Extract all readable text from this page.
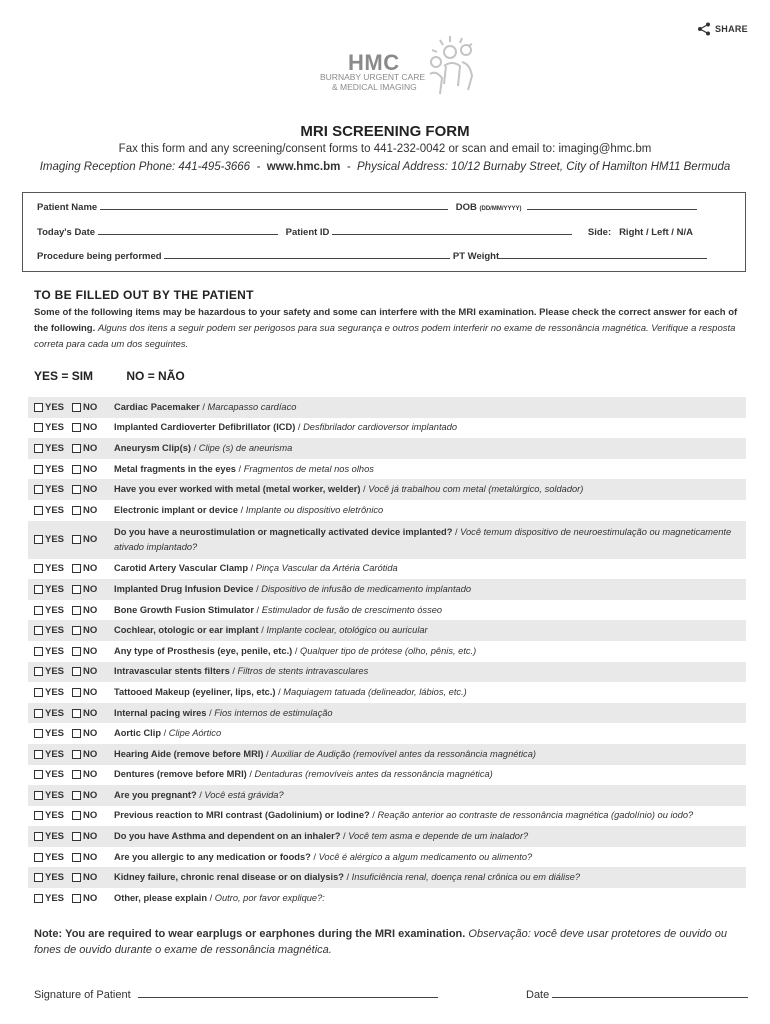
SHARE
HMC
BURNABY URGENT CARE
& MEDICAL IMAGING
MRI SCREENING FORM
Fax this form and any screening/consent forms to 441-232-0042 or scan and email to: imaging@hmc.bm
Imaging Reception Phone: 441-495-3666  -  www.hmc.bm  -  Physical Address: 10/12 Burnaby Street, City of Hamilton HM11 Bermuda
Patient Name	DOB (DD/MM/YYYY)
Today's Date	Patient ID	Side: Right / Left / N/A
Procedure being performed	PT Weight
TO BE FILLED OUT BY THE PATIENT
Some of the following items may be hazardous to your safety and some can interfere with the MRI examination. Please check the correct answer for each of the following. Alguns dos itens a seguir podem ser perigosos para sua segurança e outros podem interferir no exame de ressonância magnética. Verifique a resposta correta para cada um dos seguintes.
YES = SIM	NO = NÃO
YES NO Cardiac Pacemaker / Marcapasso cardíaco
YES NO Implanted Cardioverter Defibrillator (ICD) / Desfibrilador cardioversor implantado
YES NO Aneurysm Clip(s) / Clipe (s) de aneurisma
YES NO Metal fragments in the eyes / Fragmentos de metal nos olhos
YES NO Have you ever worked with metal (metal worker, welder) / Você já trabalhou com metal (metalúrgico, soldador)
YES NO Electronic implant or device / Implante ou dispositivo eletrônico
YES NO
Do you have a neurostimulation or magnetically activated device implanted? / Você temum dispositivo de neuroestimulação ou magneticamente ativado implantado?
YES NO Carotid Artery Vascular Clamp / Pinça Vascular da Artéria Carótida
YES NO Implanted Drug Infusion Device / Dispositivo de infusão de medicamento implantado
YES NO Bone Growth Fusion Stimulator / Estimulador de fusão de crescimento ósseo
YES NO Cochlear, otologic or ear implant / Implante coclear, otológico ou auricular
YES NO Any type of Prosthesis (eye, penile, etc.) / Qualquer tipo de prótese (olho, pênis, etc.)
YES NO Intravascular stents filters / Filtros de stents intravasculares
YES NO Tattooed Makeup (eyeliner, lips, etc.) / Maquiagem tatuada (delineador, lábios, etc.)
YES NO Internal pacing wires / Fios internos de estimulação
YES NO Aortic Clip / Clipe Aórtico
YES NO Hearing Aide (remove before MRI) / Auxiliar de Audição (removível antes da ressonância magnética)
YES NO Dentures (remove before MRI) / Dentaduras (removíveis antes da ressonância magnética)
YES NO Are you pregnant? / Você está grávida?
YES NO Previous reaction to MRI contrast (Gadolinium) or Iodine? / Reação anterior ao contraste de ressonância magnética (gadolínio) ou iodo?
YES NO Do you have Asthma and dependent on an inhaler? / Você tem asma e depende de um inalador?
YES NO Are you allergic to any medication or foods? / Você é alérgico a algum medicamento ou alimento?
YES NO Kidney failure, chronic renal disease or on dialysis? / Insuficiência renal, doença renal crônica ou em diálise?
YES NO Other, please explain / Outro, por favor explique?:
Note: You are required to wear earplugs or earphones during the MRI examination. Observação: você deve usar protetores de ouvido ou fones de ouvido durante o exame de ressonância magnética.
Signature of Patient	Date
